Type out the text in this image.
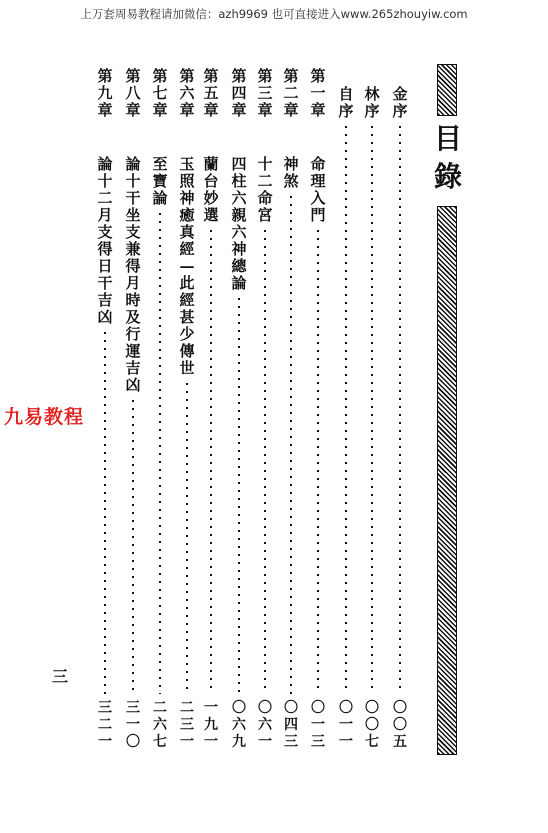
上万套周易教程请加微信：azh9969 也可直接进入www.265zhouyiw.com
目
錄
金
序
〇
〇
五
林
序
〇
〇
七
自
序
〇
一
一
第
一
章
命
理
入
門
〇
一
三
第
二
章
神
煞
〇
四
三
第
三
章
十
二
命
宮
〇
六
一
第
四
章
四
柱
六
親
六
神
總
論
〇
六
九
第
五
章
蘭
台
妙
選
一
九
一
第
六
章
玉
照
神
癒
真
經
—
此
經
甚
少
傳
世
二
三
一
第
七
章
至
寶
論
二
六
七
第
八
章
論
十
干
坐
支
兼
得
月
時
及
行
運
吉
凶
三
一
〇
第
九
章
論
十
二
月
支
得
日
干
吉
凶
三
二
一
九易教程
三
